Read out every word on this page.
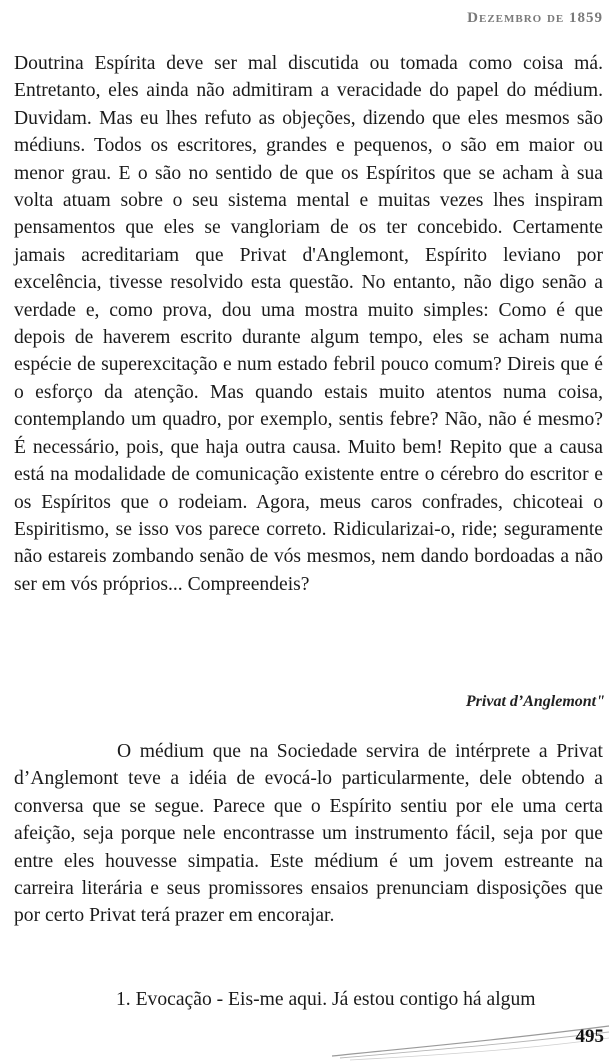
Dezembro de 1859

Doutrina Espírita deve ser mal discutida ou tomada como coisa má. Entretanto, eles ainda não admitiram a veracidade do papel do médium. Duvidam. Mas eu lhes refuto as objeções, dizendo que eles mesmos são médiuns. Todos os escritores, grandes e pequenos, o são em maior ou menor grau. E o são no sentido de que os Espíritos que se acham à sua volta atuam sobre o seu sistema mental e muitas vezes lhes inspiram pensamentos que eles se vangloriam de os ter concebido. Certamente jamais acreditariam que Privat d'Anglemont, Espírito leviano por excelência, tivesse resolvido esta questão. No entanto, não digo senão a verdade e, como prova, dou uma mostra muito simples: Como é que depois de haverem escrito durante algum tempo, eles se acham numa espécie de superexcitação e num estado febril pouco comum? Direis que é o esforço da atenção. Mas quando estais muito atentos numa coisa, contemplando um quadro, por exemplo, sentis febre? Não, não é mesmo? É necessário, pois, que haja outra causa. Muito bem! Repito que a causa está na modalidade de comunicação existente entre o cérebro do escritor e os Espíritos que o rodeiam. Agora, meus caros confrades, chicoteai o Espiritismo, se isso vos parece correto. Ridicularizai-o, ride; seguramente não estareis zombando senão de vós mesmos, nem dando bordoadas a não ser em vós próprios... Compreendeis?

Privat d’Anglemont"

O médium que na Sociedade servira de intérprete a Privat d’Anglemont teve a idéia de evocá-lo particularmente, dele obtendo a conversa que se segue. Parece que o Espírito sentiu por ele uma certa afeição, seja porque nele encontrasse um instrumento fácil, seja por que entre eles houvesse simpatia. Este médium é um jovem estreante na carreira literária e seus promissores ensaios prenunciam disposições que por certo Privat terá prazer em encorajar.

1. Evocação - Eis-me aqui. Já estou contigo há algum

495
